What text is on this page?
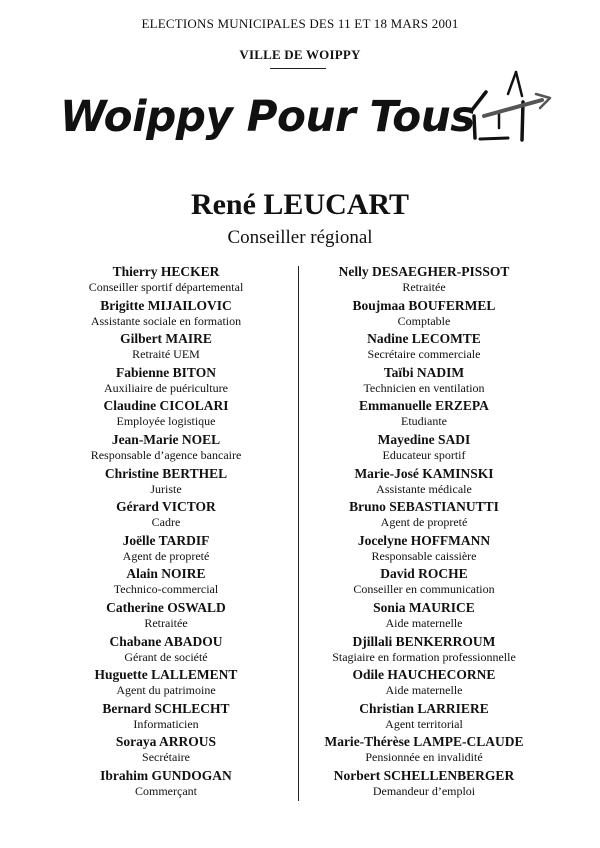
ELECTIONS MUNICIPALES DES 11 ET 18 MARS 2001
VILLE DE WOIPPY
Woippy Pour Tous
René LEUCART
Conseiller régional
Thierry HECKER
Conseiller sportif départemental
Brigitte MIJAILOVIC
Assistante sociale en formation
Gilbert MAIRE
Retraité UEM
Fabienne BITON
Auxiliaire de puériculture
Claudine CICOLARI
Employée logistique
Jean-Marie NOEL
Responsable d’agence bancaire
Christine BERTHEL
Juriste
Gérard VICTOR
Cadre
Joëlle TARDIF
Agent de propreté
Alain NOIRE
Technico-commercial
Catherine OSWALD
Retraitée
Chabane ABADOU
Gérant de société
Huguette LALLEMENT
Agent du patrimoine
Bernard SCHLECHT
Informaticien
Soraya ARROUS
Secrétaire
Ibrahim GUNDOGAN
Commerçant
Nelly DESAEGHER-PISSOT
Retraitée
Boujmaa BOUFERMEL
Comptable
Nadine LECOMTE
Secrétaire commerciale
Taïbi NADIM
Technicien en ventilation
Emmanuelle ERZEPA
Etudiante
Mayedine SADI
Educateur sportif
Marie-José KAMINSKI
Assistante médicale
Bruno SEBASTIANUTTI
Agent de propreté
Jocelyne HOFFMANN
Responsable caissière
David ROCHE
Conseiller en communication
Sonia MAURICE
Aide maternelle
Djillali BENKERROUM
Stagiaire en formation professionnelle
Odile HAUCHECORNE
Aide maternelle
Christian LARRIERE
Agent territorial
Marie-Thérèse LAMPE-CLAUDE
Pensionnée en invalidité
Norbert SCHELLENBERGER
Demandeur d’emploi
